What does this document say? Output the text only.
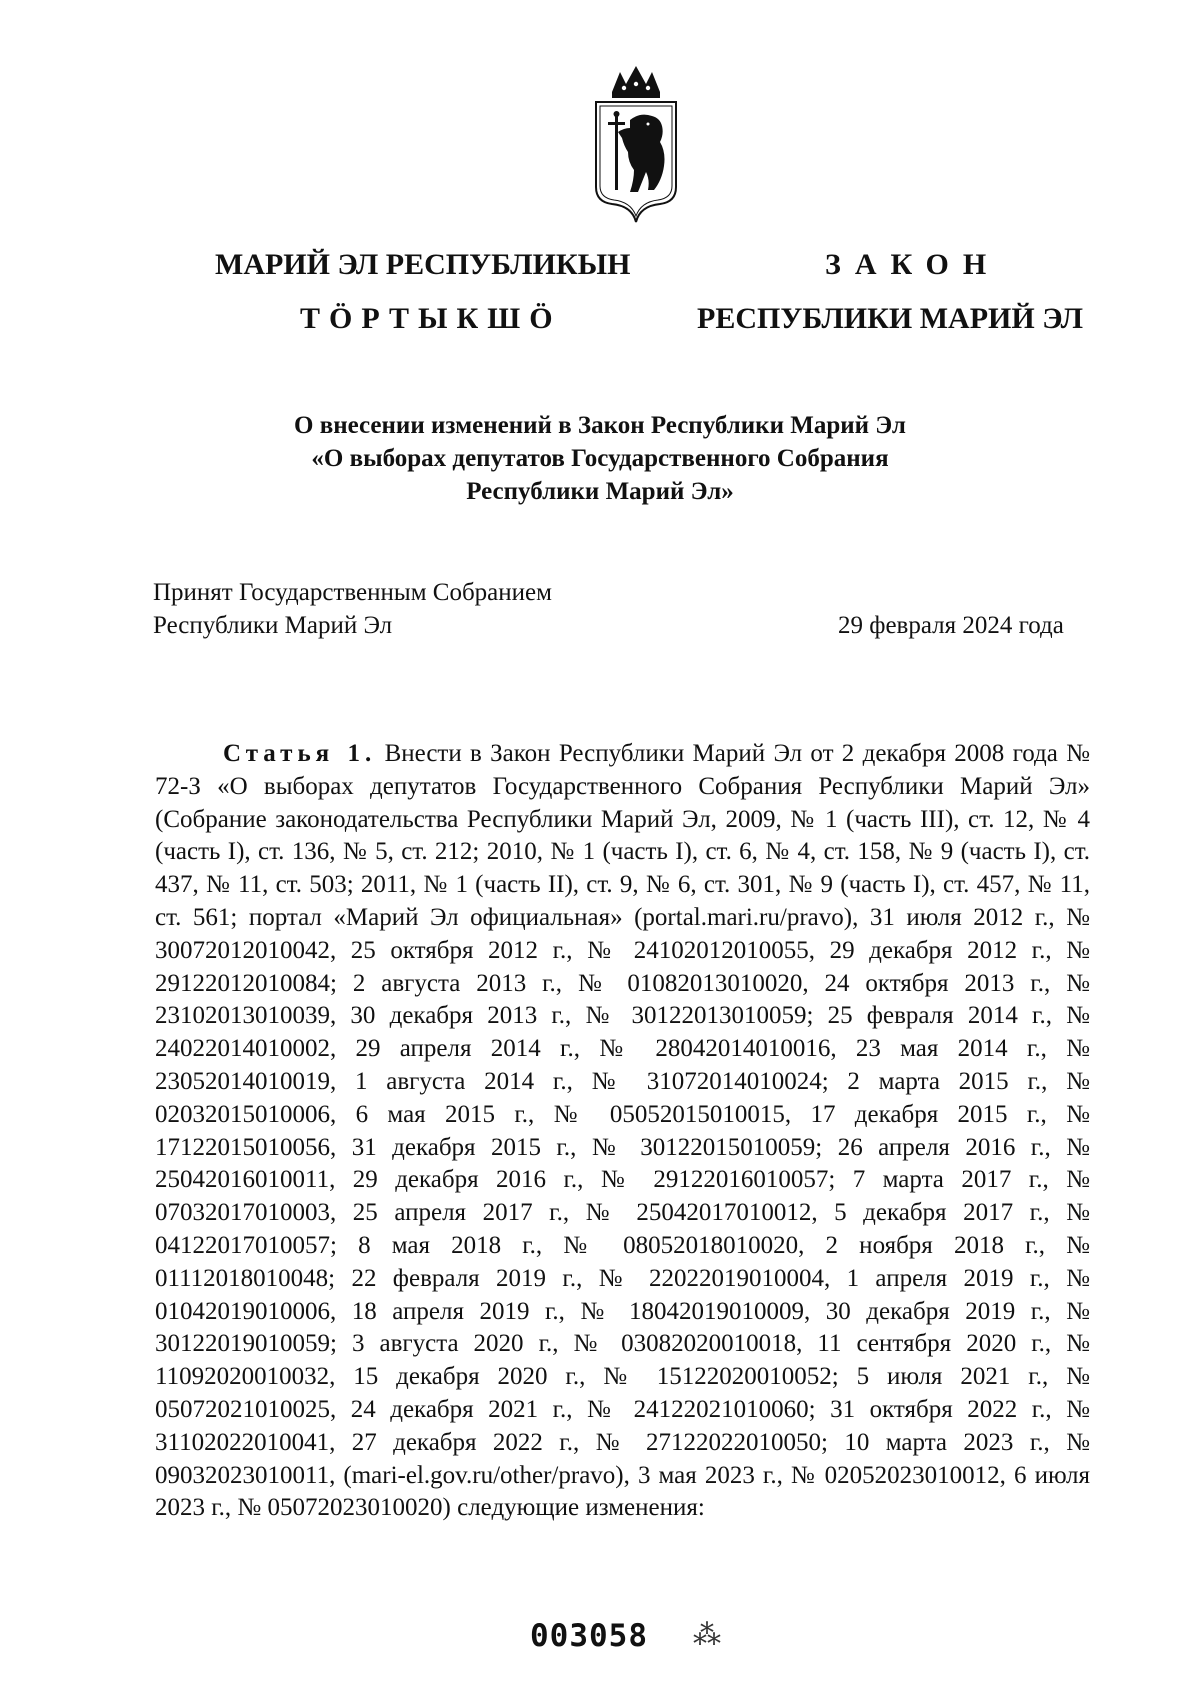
МАРИЙ ЭЛ РЕСПУБЛИКЫН
ТӦРТЫКШӦ
ЗАКОН
РЕСПУБЛИКИ МАРИЙ ЭЛ
О внесении изменений в Закон Республики Марий Эл
«О выборах депутатов Государственного Собрания
Республики Марий Эл»
Принят Государственным Собранием
Республики Марий Эл	29 февраля 2024 года
Статья 1. Внести в Закон Республики Марий Эл от 2 декабря 2008 года № 72-З «О выборах депутатов Государственного Собрания Республики Марий Эл» (Собрание законодательства Республики Марий Эл, 2009, № 1 (часть III), ст. 12, № 4 (часть I), ст. 136, № 5, ст. 212; 2010, № 1 (часть I), ст. 6, № 4, ст. 158, № 9 (часть I), ст. 437, № 11, ст. 503; 2011, № 1 (часть II), ст. 9, № 6, ст. 301, № 9 (часть I), ст. 457, № 11, ст. 561; портал «Марий Эл официальная» (portal.mari.ru/pravo), 31 июля 2012 г., № 30072012010042, 25 октября 2012 г., № 24102012010055, 29 декабря 2012 г., № 29122012010084; 2 августа 2013 г., № 01082013010020, 24 октября 2013 г., № 23102013010039, 30 декабря 2013 г., № 30122013010059; 25 февраля 2014 г., № 24022014010002, 29 апреля 2014 г., № 28042014010016, 23 мая 2014 г., № 23052014010019, 1 августа 2014 г., № 31072014010024; 2 марта 2015 г., № 02032015010006, 6 мая 2015 г., № 05052015010015, 17 декабря 2015 г., № 17122015010056, 31 декабря 2015 г., № 30122015010059; 26 апреля 2016 г., № 25042016010011, 29 декабря 2016 г., № 29122016010057; 7 марта 2017 г., № 07032017010003, 25 апреля 2017 г., № 25042017010012, 5 декабря 2017 г., № 04122017010057; 8 мая 2018 г., № 08052018010020, 2 ноября 2018 г., № 01112018010048; 22 февраля 2019 г., № 22022019010004, 1 апреля 2019 г., № 01042019010006, 18 апреля 2019 г., № 18042019010009, 30 декабря 2019 г., № 30122019010059; 3 августа 2020 г., № 03082020010018, 11 сентября 2020 г., № 11092020010032, 15 декабря 2020 г., № 15122020010052; 5 июля 2021 г., № 05072021010025, 24 декабря 2021 г., № 24122021010060; 31 октября 2022 г., № 31102022010041, 27 декабря 2022 г., № 27122022010050; 10 марта 2023 г., № 09032023010011, (mari-el.gov.ru/other/pravo), 3 мая 2023 г., № 02052023010012, 6 июля 2023 г., № 05072023010020) следующие изменения:
003058 ⁂
